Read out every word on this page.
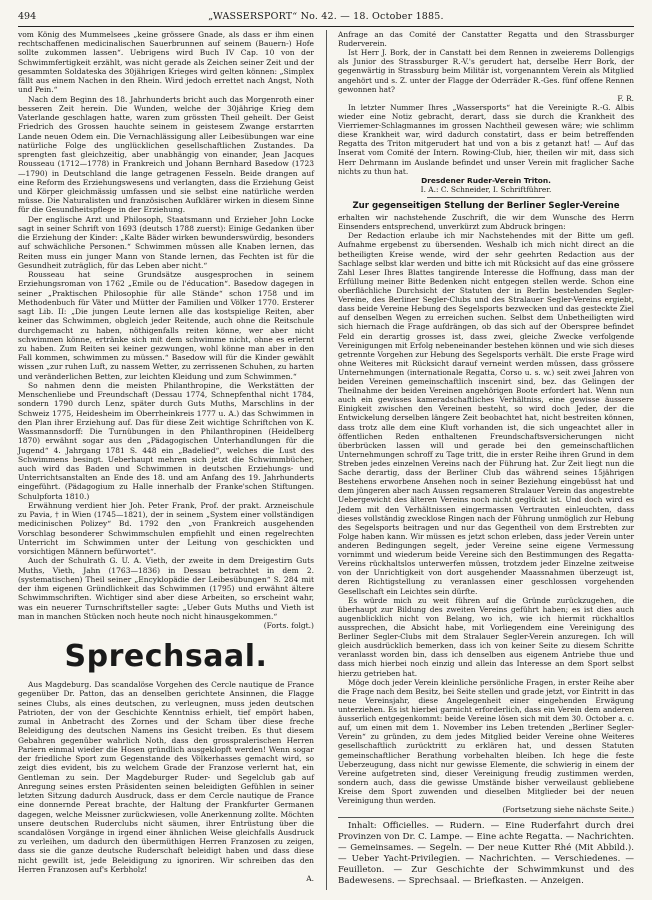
494	„WASSERSPORT“ No. 42. — 18. October 1885.

vom König des Mummelsees „keine grössere Gnade, als dass er ihm einen rechtschaffenen medicinalischen Sauerbrunnen auf seinem (Bauern-) Hofe sollte zukommen lassen“. Uebrigens wird Buch IV Cap. 10 von der Schwimmfertigkeit erzählt, was nicht gerade als Zeichen seiner Zeit und der gesammten Soldateska des 30jährigen Krieges wird gelten können: „Simplex fällt aus einem Nachen in den Rhein. Wird jedoch errettet nach Angst, Noth und Pein.“

Nach dem Beginn des 18. Jahrhunderts bricht auch das Morgenroth einer besseren Zeit herein. Die Wunden, welche der 30jährige Krieg dem Vaterlande geschlagen hatte, waren zum grössten Theil geheilt. Der Geist Friedrich des Grossen hauchte seinem in geistesem Zwange erstarrten Lande neuen Odem ein. Die Vernachlässigung aller Leibesübungen war eine natürliche Folge des unglücklichen gesellschaftlichen Zustandes. Da sprengten fast gleichzeitig, aber unabhängig von einander, Jean Jacques Rousseau (1712—1778) in Frankreich und Johann Bernhard Basedow (1723—1790) in Deutschland die lange getragenen Fesseln. Beide drangen auf eine Reform des Erziehungswesens und verlangten, dass die Erziehung Geist und Körper gleichmässig umfassen und sie selbst eine natürliche werden müsse. Die Naturalisten und französischen Aufklärer wirken in diesem Sinne für die Gesundheitspflege in der Erziehung.

Der englische Arzt und Philosoph, Staatsmann und Erzieher John Locke sagt in seiner Schrift von 1693 (deutsch 1788 zuerst): Einige Gedanken über die Erziehung der Kinder: „Kalte Bäder wirken bewunderswürdig, besonders auf schwächliche Personen.“ Schwimmen müssen alle Knaben lernen, das Reiten muss ein junger Mann von Stande lernen, das Fechten ist für die Gesundheit zuträglich, für das Leben aber nicht.“

Rousseau hat seine Grundsätze ausgesprochen in seinem Erziehungsroman von 1762 „Emile ou de l'éducation“. Basedow dagegen in seiner „Praktischen Philosophie für alle Stände“ schon 1758 und im Methodenbuch für Väter und Mütter der Familien und Völker 1770. Ersterer sagt Lib. II: „Die jungen Leute lernen alle das kostspielige Reiten, aber keiner das Schwimmen, obgleich jeder Reitende, auch ohne die Reitschule durchgemacht zu haben, nöthigenfalls reiten könne, wer aber nicht schwimmen könne, ertränke sich mit dem schwimme nicht, ohne es erlernt zu haben. Zum Reiten sei keiner gezwungen, wohl könne man aber in den Fall kommen, schwimmen zu müssen.“ Basedow will für die Kinder gewählt wissen „zur ruhen Luft, zu nassem Wetter, zu zerrissenen Schuhen, zu harten und veränderlichen Betten, zur leichten Kleidung und zum Schwimmen.“

So nahmen denn die meisten Philanthropine, die Werkstätten der Menschenliebe und Freundschaft (Dessau 1774, Schnepfenthal nicht 1784, sondern 1790 durch Lenz, später durch Guts Muths, Marschlins in der Schweiz 1775, Heidesheim im Oberrheinkreis 1777 u. A.) das Schwimmen in den Plan ihrer Erziehung auf. Das für diese Zeit wichtige Schriftchen von K. Wassmannsdorff: Die Turnübungen in den Philanthropinen (Heidelberg 1870) erwähnt sogar aus den „Pädagogischen Unterhandlungen für die Jugend“ 4. Jahrgang 1781 S. 448 ein „Badelied“, welches die Lust des Schwimmens besingt. Ueberhaupt mehren sich jetzt die Schwimmbücher, auch wird das Baden und Schwimmen in deutschen Erziehungs- und Unterrichtsanstalten an Ende des 18. und am Anfang des 19. Jahrhunderts eingeführt. (Pädagogium zu Halle innerhalb der Franke'schen Stiftungen. Schulpforta 1810.)

Erwähnung verdient hier Joh. Peter Frank, Prof. der prakt. Arzneischule zu Pavia, † in Wien (1745—1821), der in seinem „System einer vollständigen medicinischen Polizey“ Bd. 1792 den „von Frankreich ausgehenden Vorschlag besonderer Schwimmschulen empfiehlt und einen regelrechten Unterricht im Schwimmen unter der Leitung von geschickten und vorsichtigen Männern befürwortet“.

Auch der Schulrath G. U. A. Vieth, der zweite in dem Dreigestirn Guts Muths, Vieth, Jahn (1763—1836) in Dessau betrachtet in dem 2. (systematischen) Theil seiner „Encyklopädie der Leibesübungen“ S. 284 mit der ihm eigenen Gründlichkeit das Schwimmen (1795) und erwähnt ältere Schwimmschriften. Wichtiger sind aber diese Arbeiten, so erscheint wahr, was ein neuerer Turnschriftsteller sagte: „Ueber Guts Muths und Vieth ist man in manchen Stücken noch heute noch nicht hinausgekommen.“

(Forts. folgt.)
Sprechsaal.

Aus Magdeburg. Das scandalöse Vorgehen des Cercle nautique de France gegenüber Dr. Patton, das an denselben gerichtete Ansinnen, die Flagge seines Clubs, als eines deutschen, zu verleugnen, muss jeden deutschen Patrioten, der von der Geschichte Kenntniss erhielt, tief empört haben, zumal in Anbetracht des Zornes und der Scham über diese freche Beleidigung des deutschen Namens ins Gesicht treiben. Es thut diesem Gebahren gegenüber wahrlich Noth, dass den grosspralerischen Herren Pariern einmal wieder die Hosen gründlich ausgeklopft werden! Wenn sogar der friedliche Sport zum Gegenstande des Völkerhasses gemacht wird, so zeigt dies evident, bis zu welchem Grade der Franzose verlernt hat, ein Gentleman zu sein. Der Magdeburger Ruder- und Segelclub gab auf Anregung seines ersten Präsidenten seinen beleidigten Gefühlen in seiner letzten Sitzung dadurch Ausdruck, dass er dem Cercle nautique de France eine donnernde Pereat brachte, der Haltung der Frankfurter Germanen dagegen, welche Meissner zurückwiesen, volle Anerkennung zollte. Möchten unsere deutschen Ruderclubs nicht säumen, ihrer Entrüstung über die scandalösen Vorgänge in irgend einer ähnlichen Weise gleichfalls Ausdruck zu verleihen, um dadurch den übermüthigen Herren Franzosen zu zeigen, dass sie die ganze deutsche Ruderschaft beleidigt haben und dass diese nicht gewillt ist, jede Beleidigung zu ignoriren. Wir schreiben das den Herren Franzosen auf's Kerbholz!

A.

Anfrage an das Comité der Canstatter Regatta und den Strassburger Ruderverein.

Ist Herr J. Bork, der in Canstatt bei dem Rennen in zweierems Dollengigs als Junior des Strassburger R.-V.'s gerudert hat, derselbe Herr Bork, der gegenwärtig in Strassburg beim Militär ist, vorgenanntem Verein als Mitglied angehört und s. Z. unter der Flagge der Oderräder R.-Ges. fünf offene Rennen gewonnen hat?

F. R.

In letzter Nummer Ihres „Wassersports“ hat die Vereinigte R.-G. Albis wieder eine Notiz gebracht, derart, dass sie durch die Krankheit des Vierriemer-Schlagmannes im grossen Nachtheil gewesen wäre; wie schlimm diese Krankheit war, wird dadurch constatirt, dass er beim betreffenden Regatta des Triton mitgerudert hat und von a bis z getanzt hat! — Auf das Inserat vom Comité der Intern. Rowing-Club, hier, theilen wir mit, dass sich Herr Dehrmann im Auslande befindet und unser Verein mit fraglicher Sache nichts zu thun hat.

Dresdener Ruder-Verein Triton.
I. A.: C. Schneider, I. Schriftführer.
Zur gegenseitigen Stellung der Berliner Segler-Vereine

erhalten wir nachstehende Zuschrift, die wir dem Wunsche des Herrn Einsenders entsprechend, unverkürzt zum Abdruck bringen:

Der Redaction erlaube ich mir Nachstehendes mit der Bitte um gefl. Aufnahme ergebenst zu übersenden. Weshalb ich mich nicht direct an die betheiligten Kreise wende, wird der sehr geehrten Redaction aus der Sachlage selbst klar werden und bitte ich mit Rücksicht auf das eine grössere Zahl Leser Ihres Blattes tangirende Interesse die Hoffnung, dass man der Erfüllung meiner Bitte Bedenken nicht entgegen stellen werde. Schon eine oberflächliche Durchsicht der Statuten der in Berlin bestehenden Segler-Vereine, des Berliner Segler-Clubs und des Stralauer Segler-Vereins ergiebt, dass beide Vereine Hebung des Segelsports bezwecken und das gesteckte Ziel auf denselben Wegen zu erreichen suchen. Selbst dem Unbetheiligten wird sich hiernach die Frage aufdrängen, ob das sich auf der Oberspree befindet Feld ein derartig grosses ist, dass zwei, gleiche Zwecke verfolgende Vereinigungen mit Erfolg nebeneinander bestehen können und wie sich dieses getrennte Vorgehen zur Hebung des Segelsports verhält. Die erste Frage wird ohne Weiteres mit Rücksicht darauf verneint werden müssen, dass grössere Unternehmungen (internationale Regatta, Corso u. s. w.) seit zwei Jahren von beiden Vereinen gemeinschaftlich inscenirt sind, bez. das Gelingen der Theilnahme der beiden Vereinen angehörigen Boote erfordert hat. Wenn nun auch ein gewisses kameradschaftliches Verhältniss, eine gewisse äussere Einigkeit zwischen den Vereinen besteht, so wird doch Jeder, der die Entwickelung derselben längere Zeit beobachtet hat, nicht bestreiten können, dass trotz alle dem eine Kluft vorhanden ist, die sich ungeachtet aller in öffentlichen Reden enthaltenen Freundschaftsversicherungen nicht überbrücken lassen will und gerade bei den gemeinschaftlichen Unternehmungen schroff zu Tage tritt, die in erster Reihe ihren Grund in dem Streben jedes einzelnen Vereins nach der Führung hat. Zur Zeit liegt nun die Sache derartig, dass der Berliner Club das während seines 15jährigen Bestehens erworbene Ansehen noch in seiner Beziehung eingebüsst hat und dem jüngeren aber nach Aussen regsameren Stralauer Verein das angestrebte Uebergewicht des älteren Vereins noch nicht geglückt ist. Und doch wird es Jedem mit den Verhältnissen eingermassen Vertrauten einleuchten, dass dieses vollständig zwecklose Ringen nach der Führung unmöglich zur Hebung des Segelsports beitragen und nur das Gegentheil von dem Erstrebten zur Folge haben kann. Wir müssen es jetzt schon erleben, dass jeder Verein unter anderen Bedingungen segelt, jeder Vereine seine eigene Vermessung vornimmt und wiederum beide Vereine sich den Bestimmungen des Regatta-Vereins rückhaltslos unterwerfen müssen, trotzdem jeder Einzelne zeitweise von der Unrichtigkeit von dort ausgehender Maassnahmen überzeugt ist, deren Richtigstellung zu veranlassen einer geschlossen vorgehenden Gesellschaft ein Leichtes sein dürfte.

Es würde mich zu weit führen auf die Gründe zurückzugehen, die überhaupt zur Bildung des zweiten Vereins geführt haben; es ist dies auch augenblicklich nicht von Belang, wo ich, wie ich hiermit rückhaltlos aussprechen, die Absicht habe, mit Vorliegendem eine Vereinigung des Berliner Segler-Clubs mit dem Stralauer Segler-Verein anzuregen. Ich will gleich ausdrücklich bemerken, dass ich von keiner Seite zu diesem Schritte veranlasst worden bin, dass ich denselben aus eigenem Antriebe thue und dass mich hierbei noch einzig und allein das Interesse an dem Sport selbst hierzu getrieben hat.

Möge doch jeder Verein kleinliche persönliche Fragen, in erster Reihe aber die Frage nach dem Besitz, bei Seite stellen und grade jetzt, vor Eintritt in das neue Vereinsjahr, diese Angelegenheit einer eingehenden Erwägung unterziehen. Es ist hierbei garnicht erforderlich, dass ein Verein dem anderen äusserlich entgegenkommt: beide Vereine lösen sich mit dem 30. October a. c. auf, um einen mit dem 1. November ins Leben tretenden „Berliner Segler-Verein“ zu gründen, zu dem jedes Mitglied beider Vereine ohne Weiteres gesellschaftlich zurücktritt zu erklären hat, und dessen Statuten gemeinschaftlicher Berathung vorbehalten bleiben. Ich hege die feste Ueberzeugung, dass nicht nur gewisse Elemente, die schwierig in einem der Vereine aufgetreten sind, dieser Vereinigung freudig zustimmen werden, sondern auch, dass die gewisse Umstände bisher verweilaust gebliebene Kreise dem Sport zuwenden und dieselben Mitglieder bei der neuen Vereinigung thun werden.

(Fortsetzung siehe nächste Seite.)

Inhalt: Officielles. — Rudern. — Eine Ruderfahrt durch drei Provinzen von Dr. C. Lampe. — Eine achte Regatta. — Nachrichten. — Gemeinsames. — Segeln. — Der neue Kutter Rhé (Mit Abbild.). — Ueber Yacht-Privilegien. — Nachrichten. — Verschiedenes. — Feuilleton. — Zur Geschichte der Schwimmkunst und des Badewesens. — Sprechsaal. — Briefkasten. — Anzeigen.
